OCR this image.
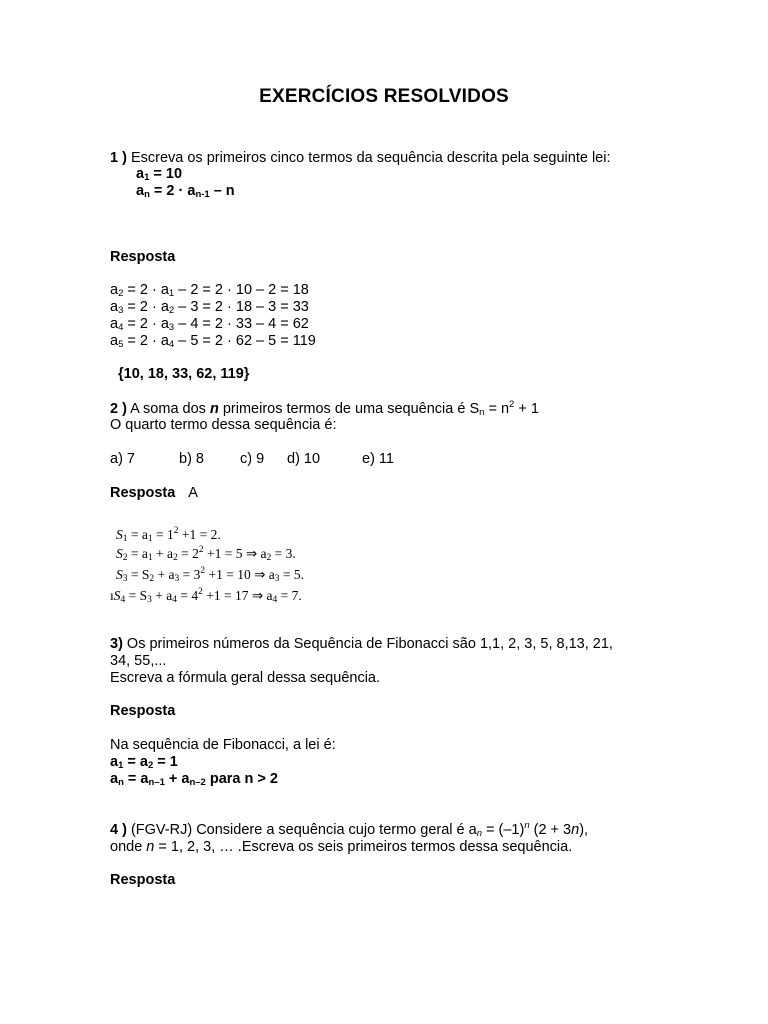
EXERCÍCIOS RESOLVIDOS
1 ) Escreva os primeiros cinco termos da sequência descrita pela seguinte lei:
$a_1 = 10$
$a_n = 2 \cdot a_{n-1} - n$
Resposta
$a_2 = 2 \cdot a_1 - 2 = 2 \cdot 10 - 2 = 18$
$a_3 = 2 \cdot a_2 - 3 = 2 \cdot 18 - 3 = 33$
$a_4 = 2 \cdot a_3 - 4 = 2 \cdot 33 - 4 = 62$
$a_5 = 2 \cdot a_4 - 5 = 2 \cdot 62 - 5 = 119$
{10, 18, 33, 62, 119}
2 ) A soma dos n primeiros termos de uma sequência é $S_n = n^2 + 1$
O quarto termo dessa sequência é:
a) 7	b) 8 c) 9 d) 10	e) 11
Resposta A
$S_1 = a_1 = 1^2 +1 = 2$.
$S_2 = a_1 + a_2 = 2^2 +1 = 5$ ⇒ $a_2 = 3$.
$S_3 = S_2 + a_3 = 3^2 +1 = 10$ ⇒ $a_3 = 5$.
$ıS_4 = S_3 + a_4 = 4^2 +1 = 17$ ⇒ $a_4 = 7$.
3) Os primeiros números da Sequência de Fibonacci são 1,1, 2, 3, 5, 8,13, 21,
34, 55,...
Escreva a fórmula geral dessa sequência.
Resposta
Na sequência de Fibonacci, a lei é:
$a_1 = a_2 = 1$
$a_n = a_{n-1} + a_{n-2}$ para n > 2
4 ) (FGV-RJ) Considere a sequência cujo termo geral é $a_n = (-1)^n$ (2 + 3n),
onde n = 1, 2, 3, … .Escreva os seis primeiros termos dessa sequência.
Resposta
